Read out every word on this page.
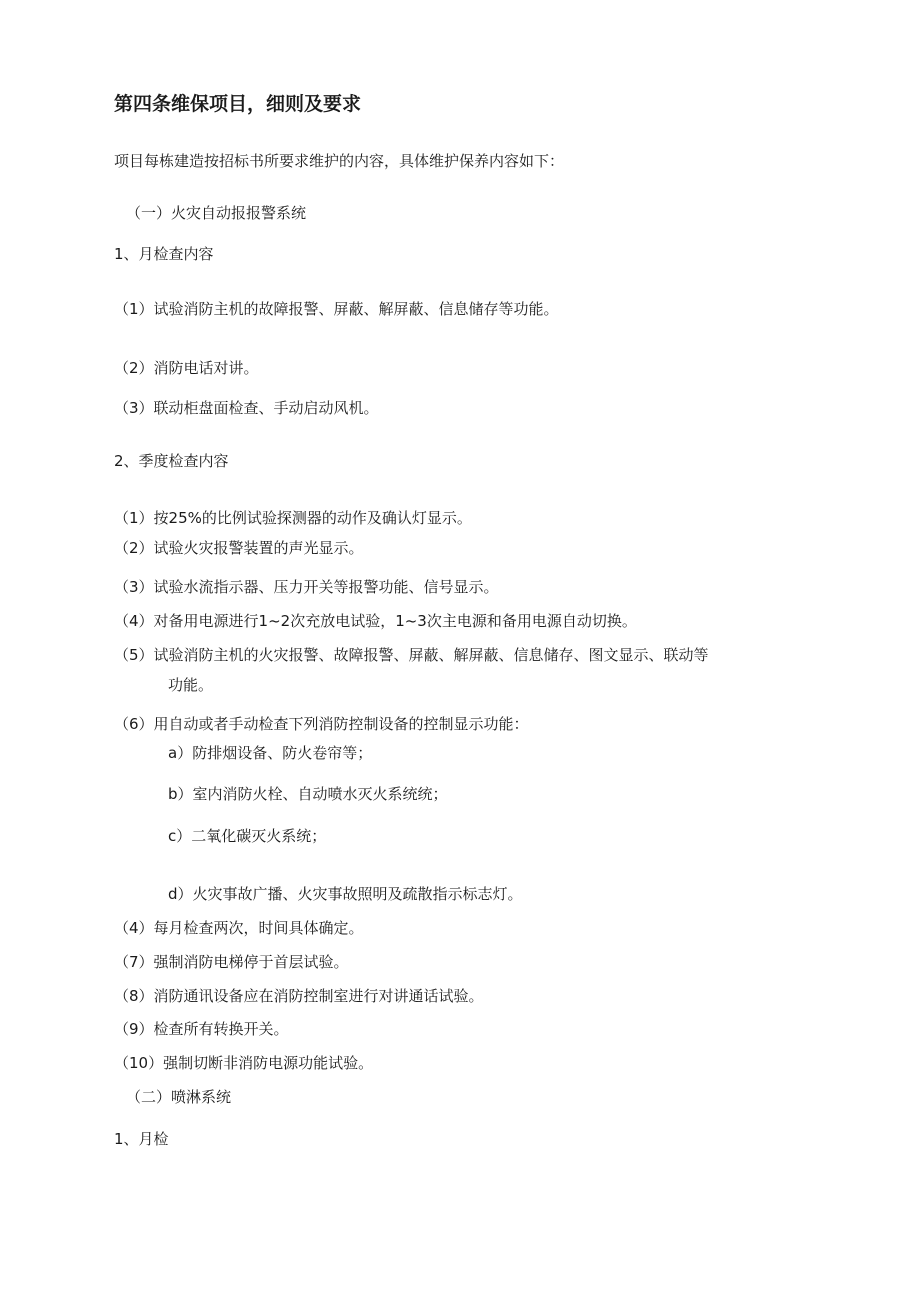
第四条维保项目，细则及要求
项目每栋建造按招标书所要求维护的内容，具体维护保养内容如下：
（一）火灾自动报报警系统
1、月检查内容
（1）试验消防主机的故障报警、屏蔽、解屏蔽、信息储存等功能。
（2）消防电话对讲。
（3）联动柜盘面检查、手动启动风机。
2、季度检查内容
（1）按25%的比例试验探测器的动作及确认灯显示。
（2）试验火灾报警装置的声光显示。
（3）试验水流指示器、压力开关等报警功能、信号显示。
（4）对备用电源进行1~2次充放电试验，1~3次主电源和备用电源自动切换。
（5）试验消防主机的火灾报警、故障报警、屏蔽、解屏蔽、信息储存、图文显示、联动等
功能。
（6）用自动或者手动检查下列消防控制设备的控制显示功能：
a）防排烟设备、防火卷帘等；
b）室内消防火栓、自动喷水灭火系统统；
c）二氧化碳灭火系统；
d）火灾事故广播、火灾事故照明及疏散指示标志灯。
（4）每月检查两次，时间具体确定。
（7）强制消防电梯停于首层试验。
（8）消防通讯设备应在消防控制室进行对讲通话试验。
（9）检查所有转换开关。
（10）强制切断非消防电源功能试验。
（二）喷淋系统
1、月检
